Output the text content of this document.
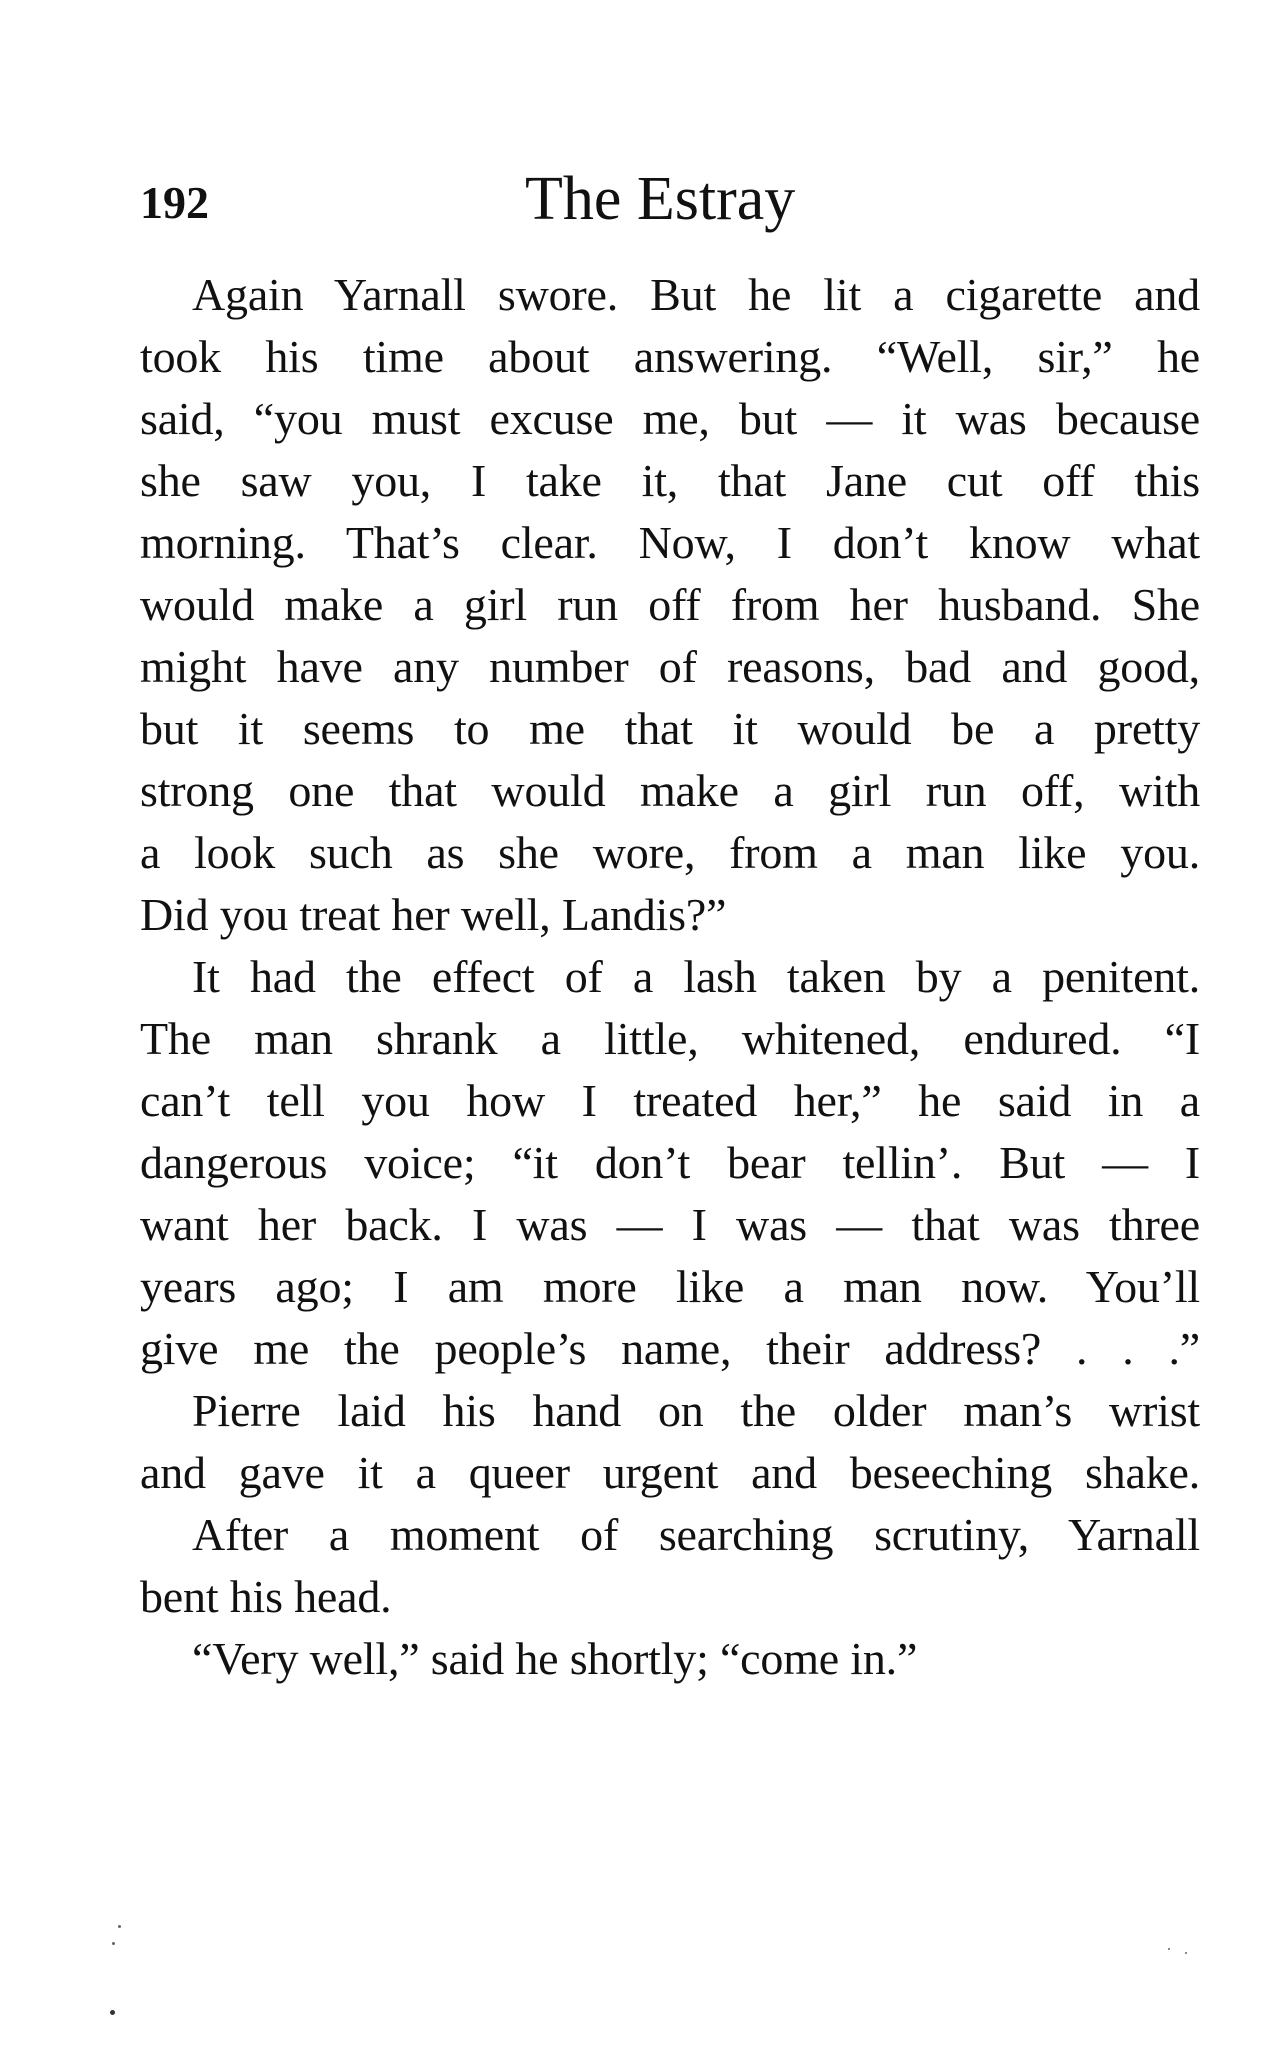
192	The Estray
Again Yarnall swore. But he lit a cigarette and
took his time about answering. “Well, sir,” he
said, “you must excuse me, but — it was because
she saw you, I take it, that Jane cut off this
morning. That’s clear. Now, I don’t know what
would make a girl run off from her husband. She
might have any number of reasons, bad and good,
but it seems to me that it would be a pretty
strong one that would make a girl run off, with
a look such as she wore, from a man like you.
Did you treat her well, Landis?”
It had the effect of a lash taken by a penitent.
The man shrank a little, whitened, endured. “I
can’t tell you how I treated her,” he said in a
dangerous voice; “it don’t bear tellin’. But — I
want her back. I was — I was — that was three
years ago; I am more like a man now. You’ll
give me the people’s name, their address? . . .”
Pierre laid his hand on the older man’s wrist
and gave it a queer urgent and beseeching shake.
After a moment of searching scrutiny, Yarnall
bent his head.
“Very well,” said he shortly; “come in.”
